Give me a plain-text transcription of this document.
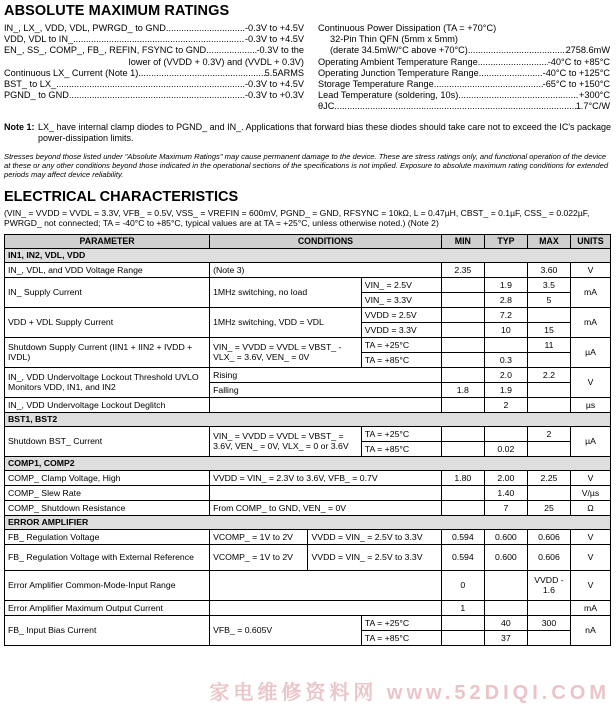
ABSOLUTE MAXIMUM RATINGS
IN_, LX_, VDD, VDL, PWRGD_ to GND .....	-0.3V to +4.5V
VDD, VDL to IN_ .....	-0.3V to +4.5V
EN_, SS_, COMP_, FB_, REFIN, FSYNC to GND .....	-0.3V to the
lower of (VVDD + 0.3V) and (VVDL + 0.3V)
Continuous LX_ Current (Note 1) .....	5.5ARMS
BST_ to LX_ .....	-0.3V to +4.5V
PGND_ to GND .....	-0.3V to +0.3V
Continuous Power Dissipation (TA = +70°C)
32-Pin Thin QFN (5mm x 5mm)
(derate 34.5mW/°C above +70°C) .....	2758.6mW
Operating Ambient Temperature Range .....	-40°C to +85°C
Operating Junction Temperature Range .....	-40°C to +125°C
Storage Temperature Range .....	-65°C to +150°C
Lead Temperature (soldering, 10s) .....	+300°C
θJC .....	1.7°C/W
Note 1: LX_ have internal clamp diodes to PGND_ and IN_. Applications that forward bias these diodes should take care not to exceed the IC's package power-dissipation limits.
Stresses beyond those listed under "Absolute Maximum Ratings" may cause permanent damage to the device. These are stress ratings only, and functional operation of the device at these or any other conditions beyond those indicated in the operational sections of the specifications is not implied. Exposure to absolute maximum rating conditions for extended periods may affect device reliability.
ELECTRICAL CHARACTERISTICS
(VIN_ = VVDD = VVDL = 3.3V, VFB_ = 0.5V, VSS_ = VREFIN = 600mV, PGND_ = GND, RFSYNC = 10kΩ, L = 0.47µH, CBST_ = 0.1µF, CSS_ = 0.022µF, PWRGD_ not connected; TA = -40°C to +85°C, typical values are at TA = +25°C, unless otherwise noted.) (Note 2)
PARAMETER	CONDITIONS			MIN	TYP	MAX	UNITS
IN1, IN2, VDL, VDD							
IN_, VDL, and VDD Voltage Range	(Note 3)			2.35		3.60	V
IN_ Supply Current	1MHz switching, no load		VIN_ = 2.5V		1.9	3.5	mA
			VIN_ = 3.3V		2.8	5	
VDD + VDL Supply Current	1MHz switching, VDD = VDL		VVDD = 2.5V		7.2		mA
			VVDD = 3.3V		10	15	
Shutdown Supply Current (IIN1 + IIN2 + IVDD + IVDL)	VIN_ = VVDD = VVDL = VBST_ - VLX_ = 3.6V, VEN_ = 0V		TA = +25°C			11	µA
			TA = +85°C		0.3		
IN_, VDD Undervoltage Lockout Threshold UVLO Monitors VDD, IN1, and IN2	Rising				2.0	2.2	V
	Falling			1.8	1.9		
IN_, VDD Undervoltage Lockout Deglitch					2		µs
BST1, BST2							
Shutdown BST_ Current	VIN_ = VVDD = VVDL = VBST_ = 3.6V, VEN_ = 0V, VLX_ = 0 or 3.6V		TA = +25°C			2	µA
			TA = +85°C		0.02		
COMP1, COMP2							
COMP_ Clamp Voltage, High	VVDD = VIN_ = 2.3V to 3.6V, VFB_ = 0.7V			1.80	2.00	2.25	V
COMP_ Slew Rate					1.40		V/µs
COMP_ Shutdown Resistance	From COMP_ to GND, VEN_ = 0V				7	25	Ω
ERROR AMPLIFIER							
FB_ Regulation Voltage	VCOMP_ = 1V to 2V	VVDD = VIN_ = 2.5V to 3.3V		0.594	0.600	0.606	V
FB_ Regulation Voltage with External Reference	VCOMP_ = 1V to 2V	VVDD = VIN_ = 2.5V to 3.3V		0.594	0.600	0.606	V
Error Amplifier Common-Mode-Input Range				0		VVDD - 1.6	V
Error Amplifier Maximum Output Current				1			mA
FB_ Input Bias Current	VFB_ = 0.605V		TA = +25°C		40	300	nA
			TA = +85°C		37		
家电维修资料网 www.52DIQI.COM
